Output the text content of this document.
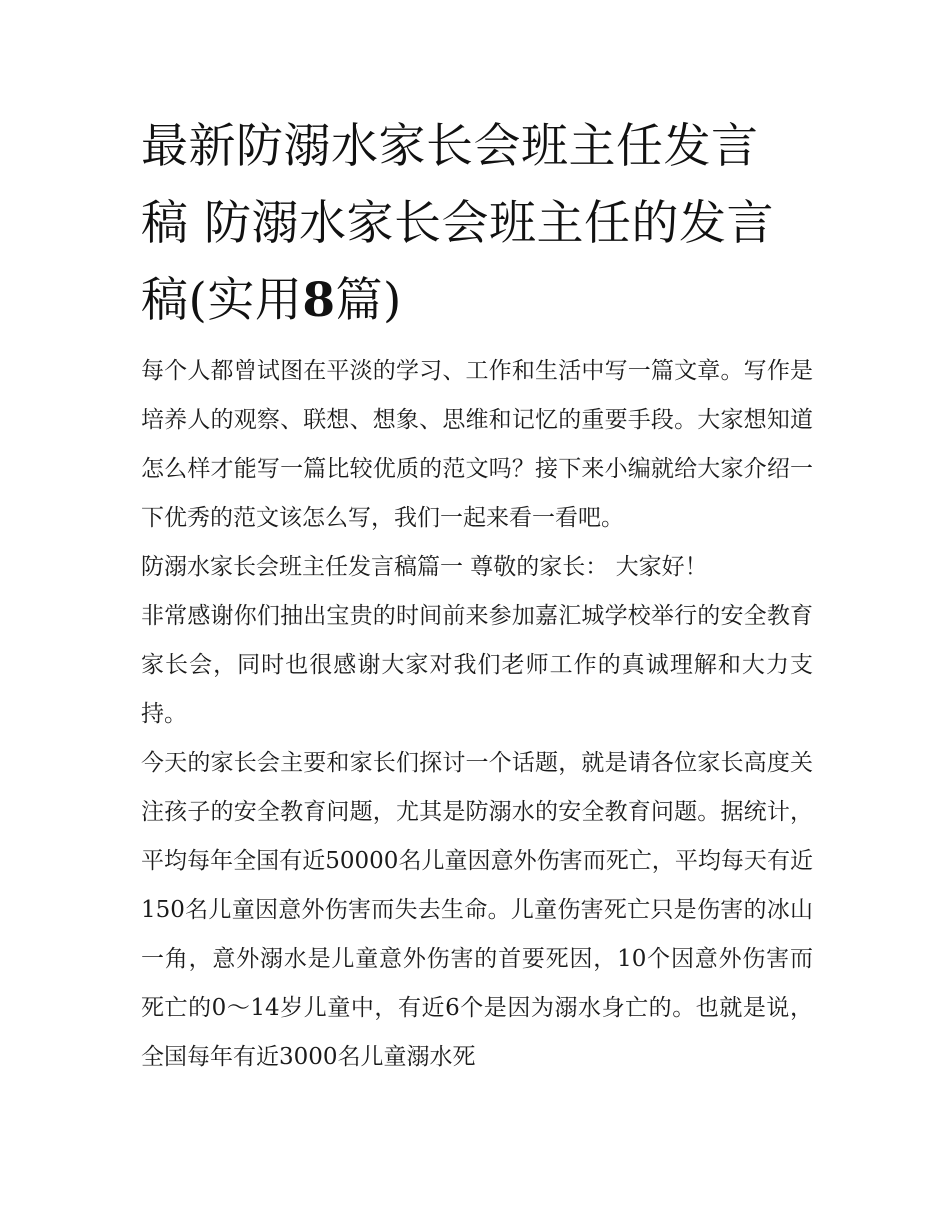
最新防溺水家长会班主任发言
稿 防溺水家长会班主任的发言
稿(实用8篇)

每个人都曾试图在平淡的学习、工作和生活中写一篇文章。写作是培养人的观察、联想、想象、思维和记忆的重要手段。大家想知道怎么样才能写一篇比较优质的范文吗？接下来小编就给大家介绍一下优秀的范文该怎么写，我们一起来看一看吧。

防溺水家长会班主任发言稿篇一 尊敬的家长： 大家好！

非常感谢你们抽出宝贵的时间前来参加嘉汇城学校举行的安全教育家长会，同时也很感谢大家对我们老师工作的真诚理解和大力支持。

今天的家长会主要和家长们探讨一个话题，就是请各位家长高度关注孩子的安全教育问题，尤其是防溺水的安全教育问题。据统计，平均每年全国有近50000名儿童因意外伤害而死亡，平均每天有近150名儿童因意外伤害而失去生命。儿童伤害死亡只是伤害的冰山一角，意外溺水是儿童意外伤害的首要死因，10个因意外伤害而死亡的0～14岁儿童中，有近6个是因为溺水身亡的。也就是说，全国每年有近3000名儿童溺水死
